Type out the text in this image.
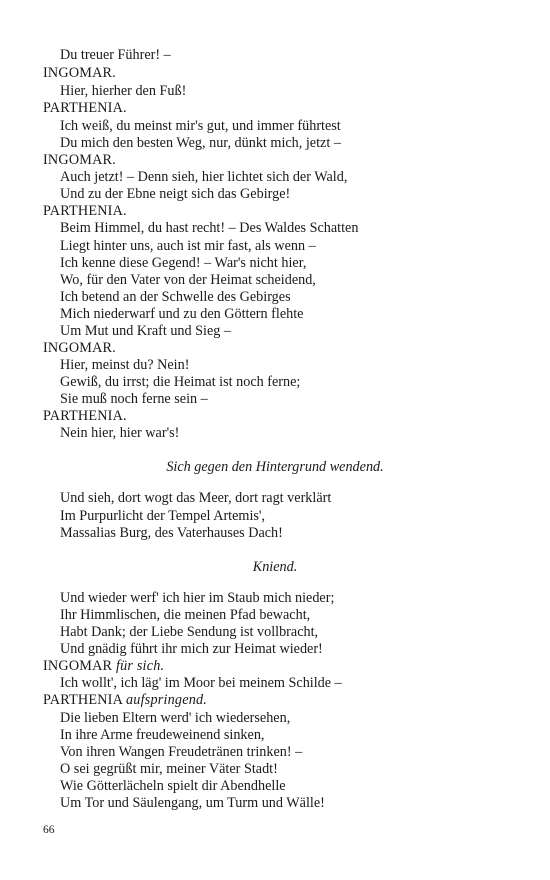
Du treuer Führer! –
INGOMAR.
Hier, hierher den Fuß!
PARTHENIA.
Ich weiß, du meinst mir's gut, und immer führtest
Du mich den besten Weg, nur, dünkt mich, jetzt –
INGOMAR.
Auch jetzt! – Denn sieh, hier lichtet sich der Wald,
Und zu der Ebne neigt sich das Gebirge!
PARTHENIA.
Beim Himmel, du hast recht! – Des Waldes Schatten
Liegt hinter uns, auch ist mir fast, als wenn –
Ich kenne diese Gegend! – War's nicht hier,
Wo, für den Vater von der Heimat scheidend,
Ich betend an der Schwelle des Gebirges
Mich niederwarf und zu den Göttern flehte
Um Mut und Kraft und Sieg –
INGOMAR.
Hier, meinst du? Nein!
Gewiß, du irrst; die Heimat ist noch ferne;
Sie muß noch ferne sein –
PARTHENIA.
Nein hier, hier war's!
Sich gegen den Hintergrund wendend.
Und sieh, dort wogt das Meer, dort ragt verklärt
Im Purpurlicht der Tempel Artemis',
Massalias Burg, des Vaterhauses Dach!
Kniend.
Und wieder werf' ich hier im Staub mich nieder;
Ihr Himmlischen, die meinen Pfad bewacht,
Habt Dank; der Liebe Sendung ist vollbracht,
Und gnädig führt ihr mich zur Heimat wieder!
INGOMAR für sich.
Ich wollt', ich läg' im Moor bei meinem Schilde –
PARTHENIA aufspringend.
Die lieben Eltern werd' ich wiedersehen,
In ihre Arme freudeweinend sinken,
Von ihren Wangen Freudetränen trinken! –
O sei gegrüßt mir, meiner Väter Stadt!
Wie Götterlächeln spielt dir Abendhelle
Um Tor und Säulengang, um Turm und Wälle!
66
